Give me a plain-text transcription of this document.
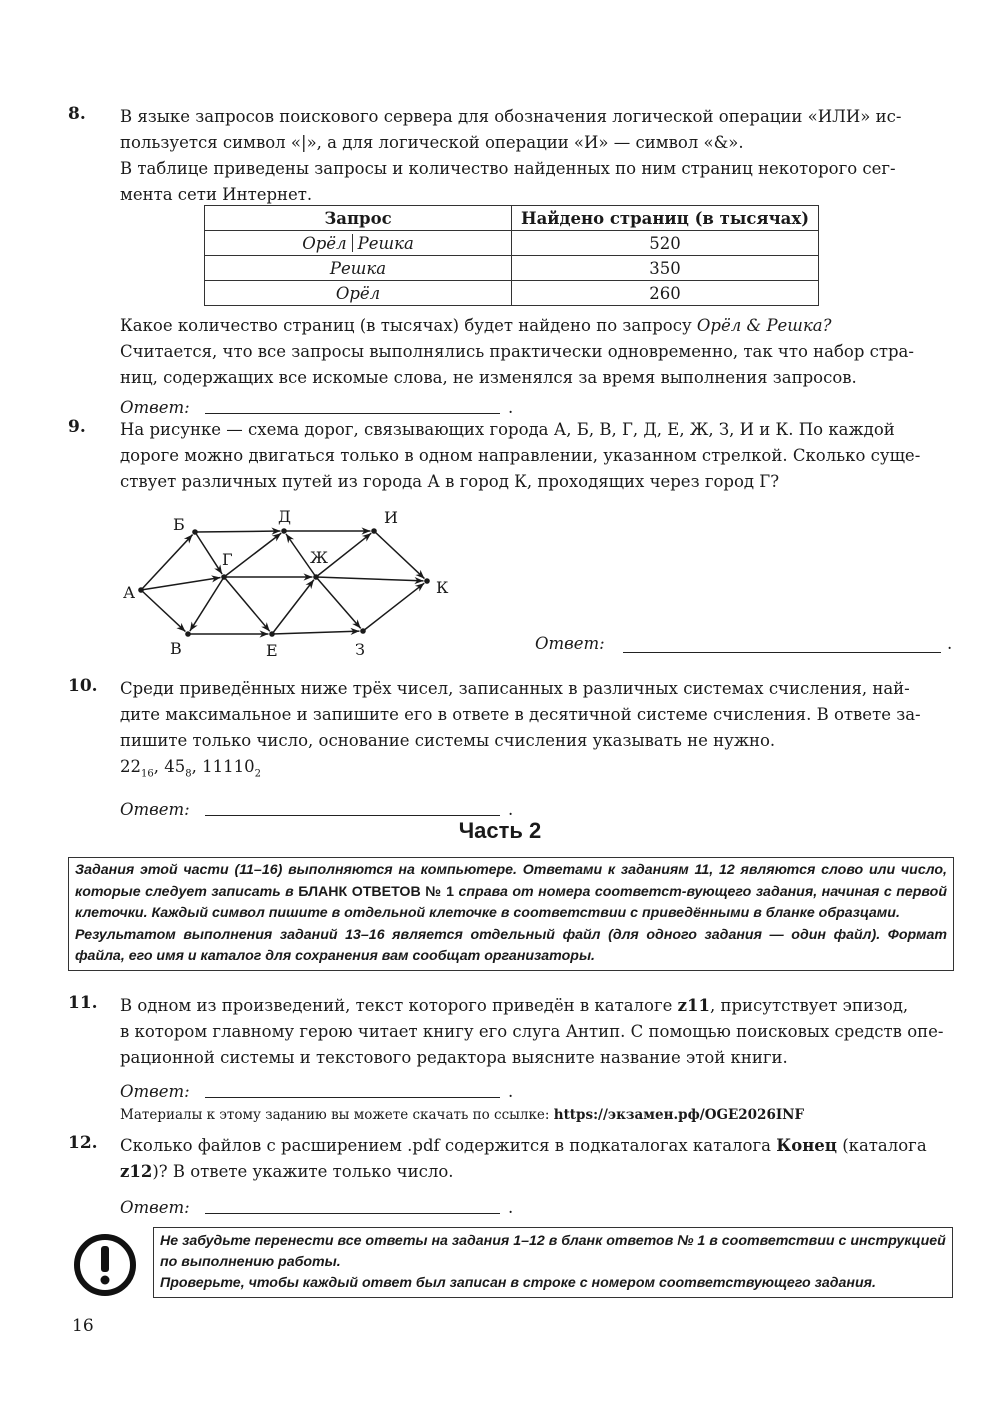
8. В языке запросов поискового сервера для обозначения логической операции «ИЛИ» ис-

пользуется символ «|», а для логической операции «И» — символ «&».

В таблице приведены запросы и количество найденных по ним страниц некоторого сег-

мента сети Интернет.

Запрос	Найдено страниц (в тысячах)
Орёл Решка	520
Решка	350
Орёл	260

Какое количество страниц (в тысячах) будет найдено по запросу Орёл & Решка?

Считается, что все запросы выполнялись практически одновременно, так что набор стра-

ниц, содержащих все искомые слова, не изменялся за время выполнения запросов.

Ответ:	.
9. На рисунке — схема дорог, связывающих города А, Б, В, Г, Д, Е, Ж, З, И и К. По каждой

дороге можно двигаться только в одном направлении, указанном стрелкой. Сколько суще-

ствует различных путей из города А в город К, проходящих через город Г?

А
Б
В
Г
Д
Ж
Е
И
З
К
Ответ:	.
10. Среди приведённых ниже трёх чисел, записанных в различных системах счисления, най-

дите максимальное и запишите его в ответе в десятичной системе счисления. В ответе за-

пишите только число, основание системы счисления указывать не нужно.

$22_{16}$, $45_8$, $11110_2$

Ответ:	.
Часть 2

Задания этой части (11–16) выполняются на компьютере. Ответами к заданиям 11, 12 являются слово или число, которые следует записать в БЛАНК ОТВЕТОВ № 1 справа от номера соответст-вующего задания, начиная с первой клеточки. Каждый символ пишите в отдельной клеточке в соответствии с приведёнными в бланке образцами.

Результатом выполнения заданий 13–16 является отдельный файл (для одного задания — один файл). Формат файла, его имя и каталог для сохранения вам сообщат организаторы.

11. В одном из произведений, текст которого приведён в каталоге z11, присутствует эпизод,

в котором главному герою читает книгу его слуга Антип. С помощью поисковых средств опе-

рационной системы и текстового редактора выясните название этой книги.

Ответ:	.

Материалы к этому заданию вы можете скачать по ссылке: https://экзамен.рф/OGE2026INF

12. Сколько файлов с расширением .pdf содержится в подкаталогах каталога Конец (каталога

z12)? В ответе укажите только число.

Ответ:	.

Не забудьте перенести все ответы на задания 1–12 в бланк ответов № 1 в соответствии с инструкцией по выполнению работы.

Проверьте, чтобы каждый ответ был записан в строке с номером соответствующего задания.

16
